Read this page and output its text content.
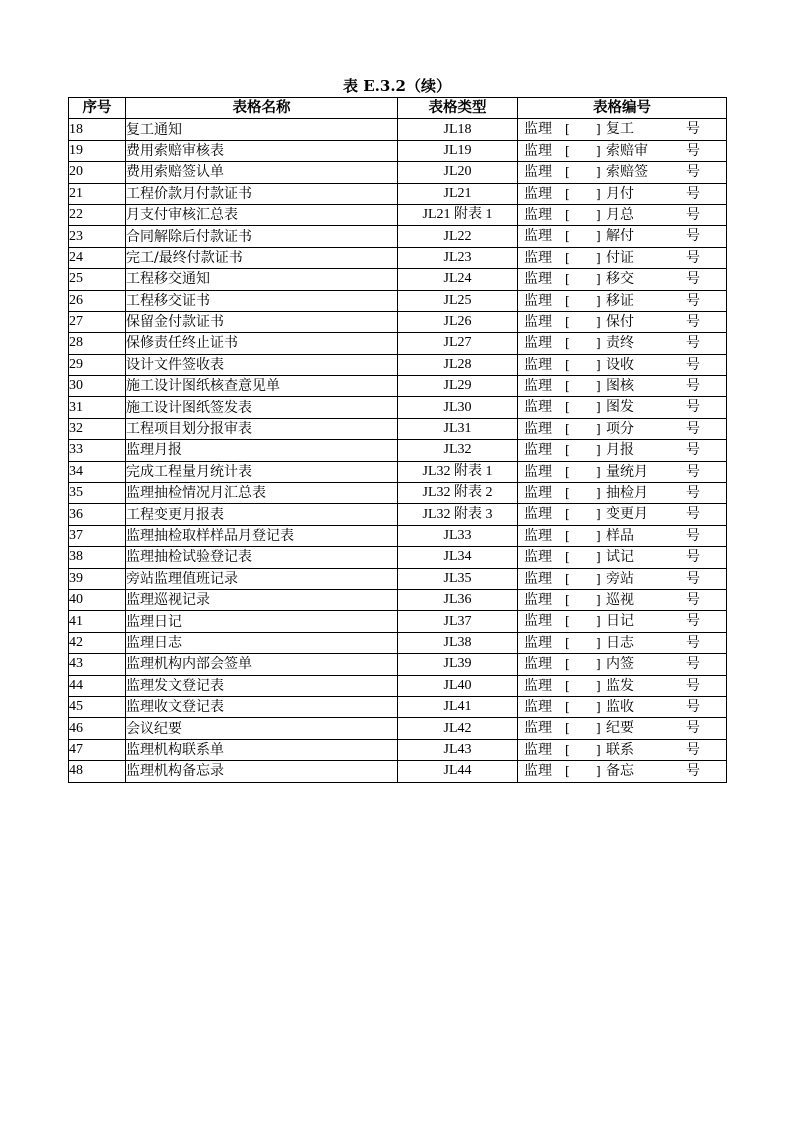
表 E.3.2（续）
序号	表格名称	表格类型	表格编号
18	复工通知	JL18	监理 [ ] 复工 号

19	费用索赔审核表	JL19	监理 [ ] 索赔审 号

20	费用索赔签认单	JL20	监理 [ ] 索赔签 号

21	工程价款月付款证书	JL21	监理 [ ] 月付 号

22	月支付审核汇总表	JL21 附表 1	监理 [ ] 月总 号

23	合同解除后付款证书	JL22	监理 [ ] 解付 号

24	完工/最终付款证书	JL23	监理 [ ] 付证 号

25	工程移交通知	JL24	监理 [ ] 移交 号

26	工程移交证书	JL25	监理 [ ] 移证 号

27	保留金付款证书	JL26	监理 [ ] 保付 号

28	保修责任终止证书	JL27	监理 [ ] 责终 号

29	设计文件签收表	JL28	监理 [ ] 设收 号

30	施工设计图纸核查意见单	JL29	监理 [ ] 图核 号

31	施工设计图纸签发表	JL30	监理 [ ] 图发 号

32	工程项目划分报审表	JL31	监理 [ ] 项分 号

33	监理月报	JL32	监理 [ ] 月报 号

34	完成工程量月统计表	JL32 附表 1	监理 [ ] 量统月 号

35	监理抽检情况月汇总表	JL32 附表 2	监理 [ ] 抽检月 号

36	工程变更月报表	JL32 附表 3	监理 [ ] 变更月 号

37	监理抽检取样样品月登记表	JL33	监理 [ ] 样品 号

38	监理抽检试验登记表	JL34	监理 [ ] 试记 号

39	旁站监理值班记录	JL35	监理 [ ] 旁站 号

40	监理巡视记录	JL36	监理 [ ] 巡视 号

41	监理日记	JL37	监理 [ ] 日记 号

42	监理日志	JL38	监理 [ ] 日志 号

43	监理机构内部会签单	JL39	监理 [ ] 内签 号

44	监理发文登记表	JL40	监理 [ ] 监发 号

45	监理收文登记表	JL41	监理 [ ] 监收 号

46	会议纪要	JL42	监理 [ ] 纪要 号

47	监理机构联系单	JL43	监理 [ ] 联系 号

48	监理机构备忘录	JL44	监理 [ ] 备忘 号
